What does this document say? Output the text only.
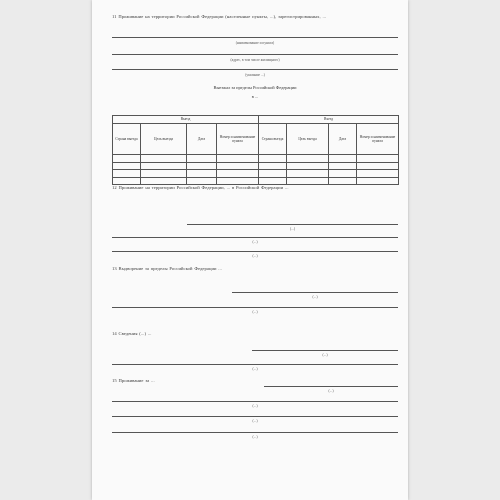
11 Проживание на территории Российской Федерации (населенные пункты, ...), зарегистрированных, ...
(наименование и пункта)
(адрес, в том числе жилищного)
(указание ...)
Выезжал за пределы Российской Федерации
в ...
Выезд				Въезд			
Страна выезда	Цель выезда	Дата	Номер и наименование пункта	Страна въезда	Цель въезда	Дата	Номер и наименование пункта

12 Проживание на территории Российской Федерации, ... в Российской Федерации ...
(...)
(...)
(...)
13 Выдворение за пределы Российской Федерации ...
(...)
(...)
14 Сведения (...) ...
(...)
(...)
15 Проживание за ...
(...)
(...)
(...)
(...)
